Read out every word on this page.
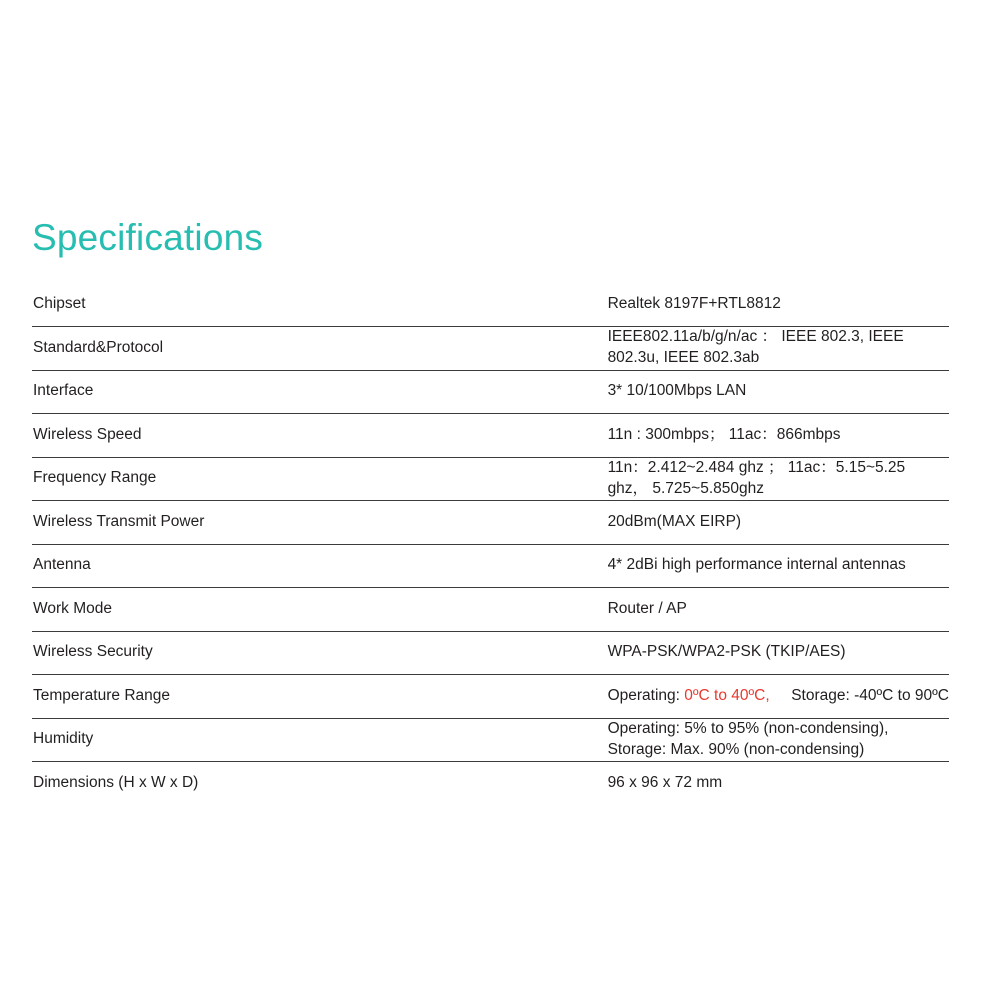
Specifications
Chipset	Realtek 8197F+RTL8812
Standard&Protocol	IEEE802.11a/b/g/n/ac ： IEEE 802.3, IEEE 802.3u, IEEE 802.3ab
Interface	3* 10/100Mbps LAN
Wireless Speed	11n : 300mbps； 11ac：866mbps
Frequency Range	11n：2.412~2.484 ghz ； 11ac：5.15~5.25 ghz， 5.725~5.850ghz
Wireless Transmit Power	20dBm(MAX EIRP)
Antenna	4* 2dBi high performance internal antennas
Work Mode	Router / AP
Wireless Security	WPA-PSK/WPA2-PSK (TKIP/AES)
Temperature Range	Operating: 0ºC to 40ºC,     Storage: -40ºC to 90ºC
Humidity	Operating: 5% to 95% (non-condensing), Storage: Max. 90% (non-condensing)
Dimensions (H x W x D)	96 x 96 x 72 mm
